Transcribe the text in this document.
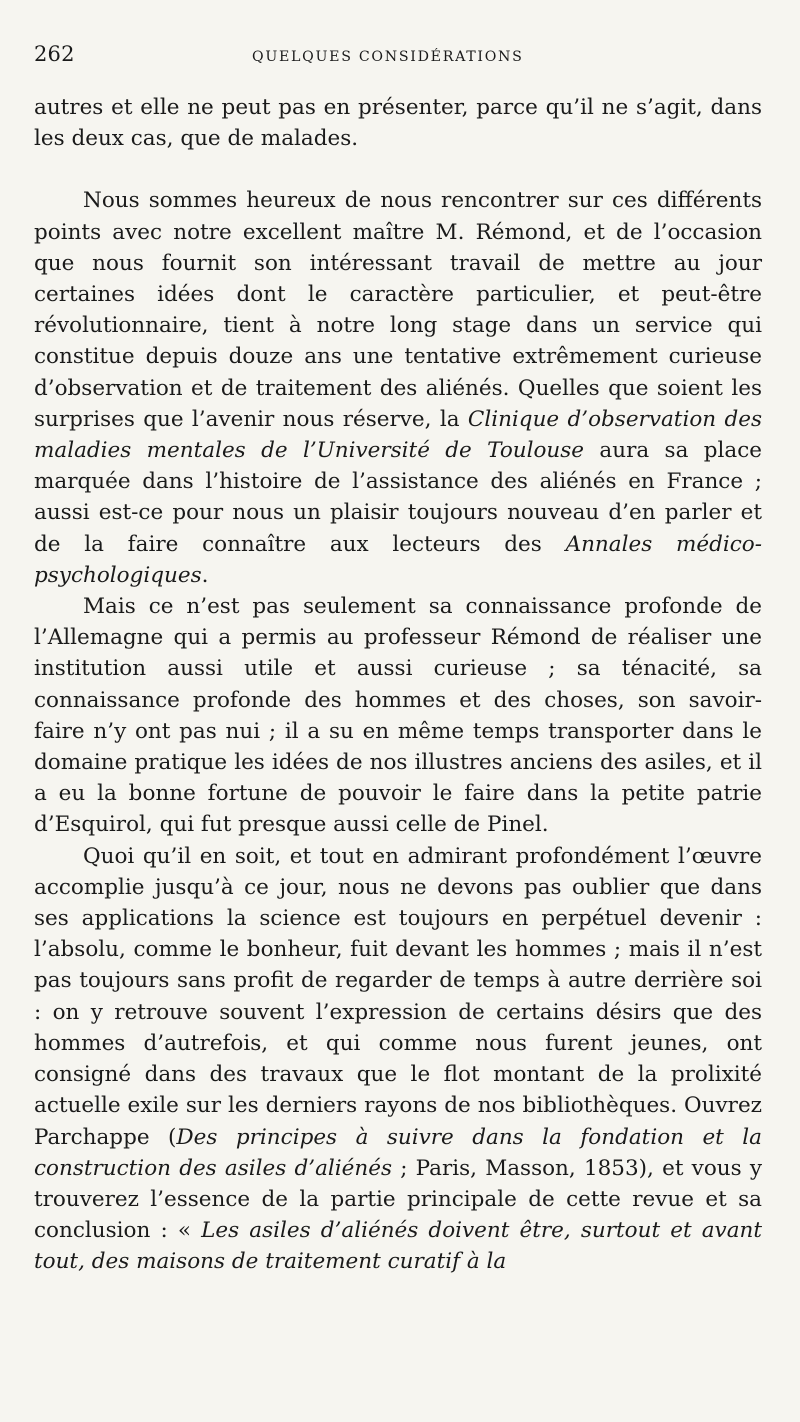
262	QUELQUES CONSIDÉRATIONS

autres et elle ne peut pas en présenter, parce qu’il ne s’agit, dans les deux cas, que de malades.

Nous sommes heureux de nous rencontrer sur ces différents points avec notre excellent maître M. Rémond, et de l’occasion que nous fournit son intéressant travail de mettre au jour certaines idées dont le caractère particulier, et peut-être révolutionnaire, tient à notre long stage dans un service qui constitue depuis douze ans une tentative extrêmement curieuse d’observation et de traitement des aliénés. Quelles que soient les surprises que l’avenir nous réserve, la Clinique d’observation des maladies mentales de l’Université de Toulouse aura sa place marquée dans l’histoire de l’assistance des aliénés en France ; aussi est-ce pour nous un plaisir toujours nouveau d’en parler et de la faire connaître aux lecteurs des Annales médico-psychologiques.

Mais ce n’est pas seulement sa connaissance profonde de l’Allemagne qui a permis au professeur Rémond de réaliser une institution aussi utile et aussi curieuse ; sa ténacité, sa connaissance profonde des hommes et des choses, son savoir-faire n’y ont pas nui ; il a su en même temps transporter dans le domaine pratique les idées de nos illustres anciens des asiles, et il a eu la bonne fortune de pouvoir le faire dans la petite patrie d’Esquirol, qui fut presque aussi celle de Pinel.

Quoi qu’il en soit, et tout en admirant profondément l’œuvre accomplie jusqu’à ce jour, nous ne devons pas oublier que dans ses applications la science est toujours en perpétuel devenir : l’absolu, comme le bonheur, fuit devant les hommes ; mais il n’est pas toujours sans profit de regarder de temps à autre derrière soi : on y retrouve souvent l’expression de certains désirs que des hommes d’autrefois, et qui comme nous furent jeunes, ont consigné dans des travaux que le flot montant de la prolixité actuelle exile sur les derniers rayons de nos bibliothèques. Ouvrez Parchappe (Des principes à suivre dans la fondation et la construction des asiles d’aliénés ; Paris, Masson, 1853), et vous y trouverez l’essence de la partie principale de cette revue et sa conclusion : « Les asiles d’aliénés doivent être, surtout et avant tout, des maisons de traitement curatif à la
